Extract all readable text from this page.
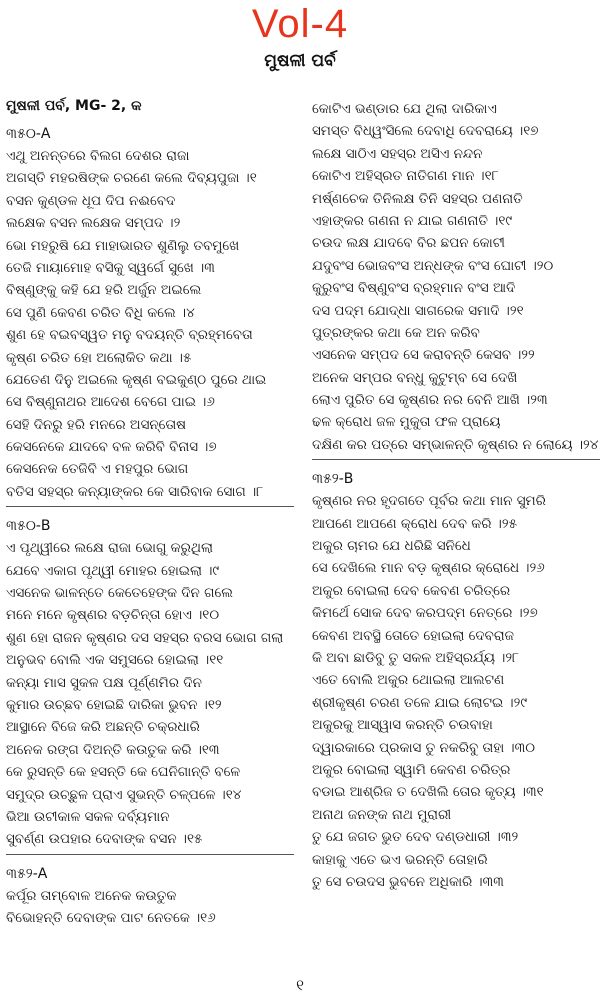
Vol-4
ମୁଷଳୀ ପର୍ବ
ମୁଷଳୀ ପର୍ବ, MG- 2, କ
୩୫୦-A
ଏଥୁ ଅନନ୍ତରେ ବିଲଗ ଦେଶର ରାଜା
ଅଗସ୍ତି ମହରଷିଙ୍କ ଚରଣେ କଲେ ଦିବ୍ୟପୁଜା ।୧
ବସନ କୁଣ୍ଡଳ ଧୂପ ଦିପ ନଈବେଦ
ଲକ୍ଷେକ ବସନ ଲକ୍ଷେକ ସମ୍ପଦ ।୨
ଭୋ ମହରୁଷି ଯେ ମାହାଭାରତ ଶୁଣିଲୁ ତବମୁଖେ
ତେଜି ମାୟାମୋହ ବସିକୁ ସ୍ୱର୍ଗେ ସୁଖେ ।୩
ବିଷ୍ଣୁଙ୍କୁ କହି ଯେ ହରି ଅର୍ଜୁନ ଅଇଲେ
ସେ ପୁଣି କେବଣ ଚରିତ ବିଧି କଲେ ।୪
ଶୁଣ ହେ ବଇବସ୍ୱତ ମନୁ ବଦୟନ୍ତି ବ୍ରହ୍ମବେତା
କୃଷ୍ଣ ଚରିତ ହୋ ଅଲୋକିତ କଥା ।୫
ଯେତେଣ ଦିନୁ ଅଇଲେ କୃଷ୍ଣ ବଇକୁଣ୍ଠ ପୁରେ ଥାଇ
ସେ ବିଷ୍ଣୁନାଥର ଆଦେଶ ବେଗେ ପାଇ ।୬
ସେହି ଦିନରୁ ହରି ମନରେ ଅସନ୍ତୋଷ
କେସନେକେ ଯାଦବେ ବଳ କରିବି ବିନାସ ।୭
କେସନେକ ତେଜିବି ଏ ମହପୁର ଭୋଗ
ବତିସ ସହସ୍ର କନ୍ୟାଙ୍କର କେ ସାରିବାକ ସୋଗ ।୮
୩୫୦-B
ଏ ପୃଥ୍ୱୀରେ ଲକ୍ଷେ ରାଜା ଭୋଗୁ କରୁଥିଲା
ଯେବେ ଏକାଗ ପୃଥ୍ୱୀ ମୋହର ହୋଇଲା ।୯
ଏସନେକ ଭାଳନ୍ତେ କେତେହେଙ୍କ ଦିନ ଗଲେ
ମନେ ମନେ କୃଷ୍ଣର ବଡ଼ଚିନ୍ତା ହୋଏ ।୧୦
ଶୁଣ ହୋ ରାଜନ କୃଷ୍ଣର ଦସ ସହସ୍ର ବରସ ଭୋଗ ଗଲା
ଅନୁଭବ ବୋଲି ଏକ ସମୁସରେ ହୋଇଲା ।୧୧
କନ୍ୟା ମାସ ସୁକଳ ପକ୍ଷ ପୂର୍ଣ୍ଣମିର ଦିନ
କୁମାର ଉଚ୍ଛବ ହୋଇଛି ଦାରିକା ଭୁବନ ।୧୨
ଆସ୍ଥାନେ ବିଜେ କରି ଅଛନ୍ତି ଚକ୍ରଧାରି
ଅନେକ ରଙ୍ଗ ଦିଅନ୍ତି କଉତୁକ କରି ।୧୩
କେ ରୁସନ୍ତି କେ ହସନ୍ତି କେ ଘେନିଗାନ୍ତି ବଳେ
ସମୁଦ୍ର ଉଚ୍ଛୁଳ ପ୍ରାଏ ସୁଭନ୍ତି ଚଳ୍ପଳେ ।୧୪
ଭିଆ ଉଟୀକାଳ ସକଳ ଦର୍ବ୍ୟମାନ
ସୁବର୍ଣ୍ଣ ଉପହାର ଦେବାଙ୍କ ବସନ ।୧୫
୩୫୨-A
କର୍ପୂର ତାମ୍ବୋଳ ଅନେକ କଉତୁକ
ବିଭୋହନ୍ତି ଦେବାଙ୍କ ପାଟ ନେତକେ ।୧୬
କୋଟିଏ ଭଣ୍ଡାର ଯେ ଥିଲା ଦାରିକାଏ
ସମସ୍ତ ବିଧ୍ୱଂସିଲେ ଦେବାଧି ଦେବରାୟେ ।୧୭
ଲକ୍ଷେ ସାଠିଏ ସହସ୍ର ଅସିଏ ନନ୍ଦନ
କୋଟିଏ ଅହିସ୍ରତ ନାତିଗଣ ମାନ ।୧୮
ମର୍ଷ୍ଣଚେକ ତିନିଲକ୍ଷ ତିନି ସହସ୍ର ପଣନାତି
ଏହାଙ୍କର ଗଣନା ନ ଯାଇ ଗଣନାତି ।୧୯
ଚଉଦ ଲକ୍ଷ ଯାଦବେ ବିର ଛପନ କୋଟୀ
ଯଦୁବଂସ ଭୋଜବଂସ ଅନ୍ଧଙ୍କ ବଂସ ଘୋଟୀ ।୨୦
କୁରୁବଂସ ବିଷ୍ଣୁବଂସ ବ୍ରହ୍ମାନ ବଂସ ଆଦି
ଦସ ପଦ୍ମ ଯୋଦ୍ଧା ସାଗରେକ ସମାଦି ।୨୧
ପୁତ୍ରଙ୍କର କଥା କେ ଅନ କରିବ
ଏସନେକ ସମ୍ପଦ ସେ କରାବନ୍ତି କେସବ ।୨୨
ଅନେକ ସମ୍ପର ବନ୍ଧୁ କୁଟୁମ୍ବ ସେ ଦେଖି
ଲୋଏ ପୁରିତ ସେ କୃଷ୍ଣର ନର ବେନି ଆଖି ।୨୩
ଢଳ କ୍ରୋଧ ଜଳ ମୁକୁତା ଫଳ ପ୍ରାୟେ
ଦକ୍ଷିଣ କର ପତ୍ରେ ସମ୍ଭାଳନ୍ତି କୃଷ୍ଣର ନ ଲୋୟେ ।୨୪
୩୫୨-B
କୃଷ୍ଣର ନର ହୃଦଗତେ ପୂର୍ବର କଥା ମାନ ସୁମରି
ଆପଣେ ଆପଣେ କ୍ରୋଧ ଦେବ କରି ।୨୫
ଅକୁର ଚାମର ଯେ ଧରିଛି ସନିଧେ
ସେ ଦେଖିଲେ ମାନ ବଡ଼ କୃଷ୍ଣର କ୍ରୋଧେ ।୨୬
ଅକୁର ବୋଇଲା ଦେବ କେବଣ ଚରିତ୍ରେ
କିମର୍ଥେ ସୋକ ଦେବ କରପଦ୍ମ ନେତ୍ରେ ।୨୭
କେବଣ ଅବସ୍ଥି ତୋତେ ହୋଇଲା ଦେବରାଜ
କି ଅବା ଛାଡିବୁ ତୁ ସକଳ ଅହିସ୍ରର୍ଯ୍ୟ ।୨୮
ଏତେ ବୋଲି ଅକୁର ଥୋଇଲା ଆଲଟଣ
ଶ୍ରୀକୃଷ୍ଣ ଚରଣ ତଳେ ଯାଇ ଲୋଟଇ ।୨୯
ଅକୁରକୁ ଆସ୍ୱାସ କରନ୍ତି ଚଉବାହା
ଦ୍ୱାରକାରେ ପ୍ରକାସ ତୁ ନକରିବୁ ତାହା ।୩୦
ଅକୁର ବୋଇଲା ସ୍ୱାମି କେବଣ ଚରିତ୍ର
ବଡାଇ ଆଶ୍ରିଜ ତ ଦେଖିଲି ତୋର କୃତ୍ୟ ।୩୧
ଅନାଥ ଜନଙ୍କ ନାଥ ମୁରାରୀ
ତୁ ଯେ ଜଗତ ଭୁତ ଦେବ ଦଣ୍ଡଧାରୀ ।୩୨
କାହାକୁ ଏତେ ଭଏ ଭରନ୍ତି ତୋହାରି
ତୁ ସେ ଚଉଦସ ଭୁବନେ ଅଧିକାରି ।୩୩
୧
